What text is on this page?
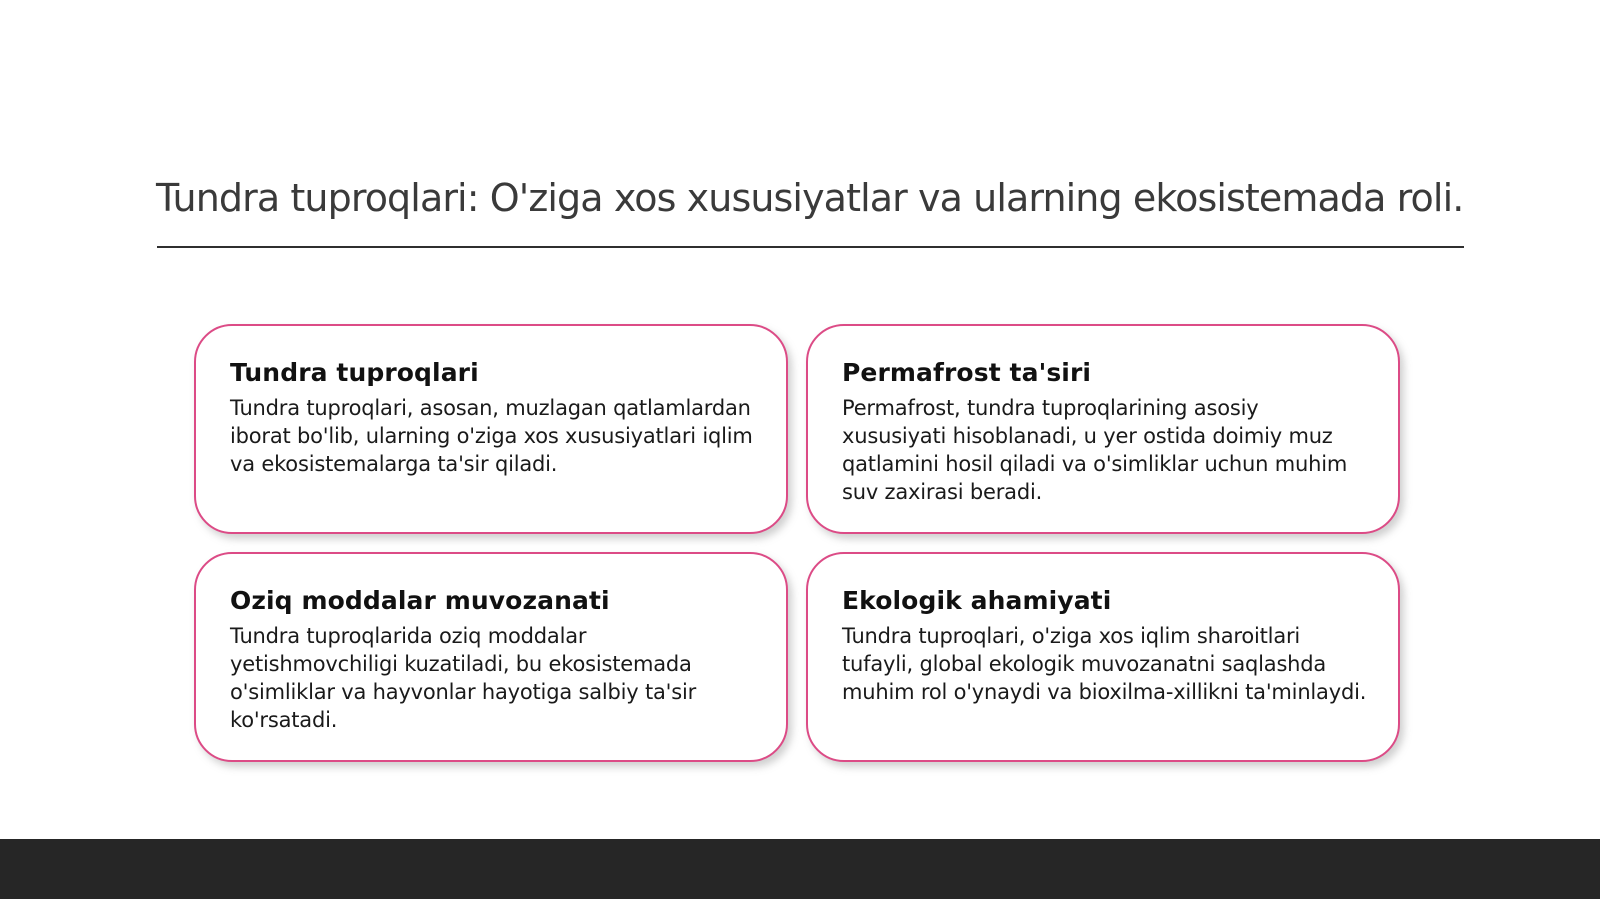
Tundra tuproqlari: O'ziga xos xususiyatlar va ularning ekosistemada roli.
Tundra tuproqlari

Tundra tuproqlari, asosan, muzlagan qatlamlardan iborat bo'lib, ularning o'ziga xos xususiyatlari iqlim va ekosistemalarga ta'sir qiladi.

Permafrost ta'siri

Permafrost, tundra tuproqlarining asosiy xususiyati hisoblanadi, u yer ostida doimiy muz qatlamini hosil qiladi va o'simliklar uchun muhim suv zaxirasi beradi.

Oziq moddalar muvozanati

Tundra tuproqlarida oziq moddalar yetishmovchiligi kuzatiladi, bu ekosistemada o'simliklar va hayvonlar hayotiga salbiy ta'sir ko'rsatadi.

Ekologik ahamiyati

Tundra tuproqlari, o'ziga xos iqlim sharoitlari tufayli, global ekologik muvozanatni saqlashda muhim rol o'ynaydi va bioxilma-xillikni ta'minlaydi.
